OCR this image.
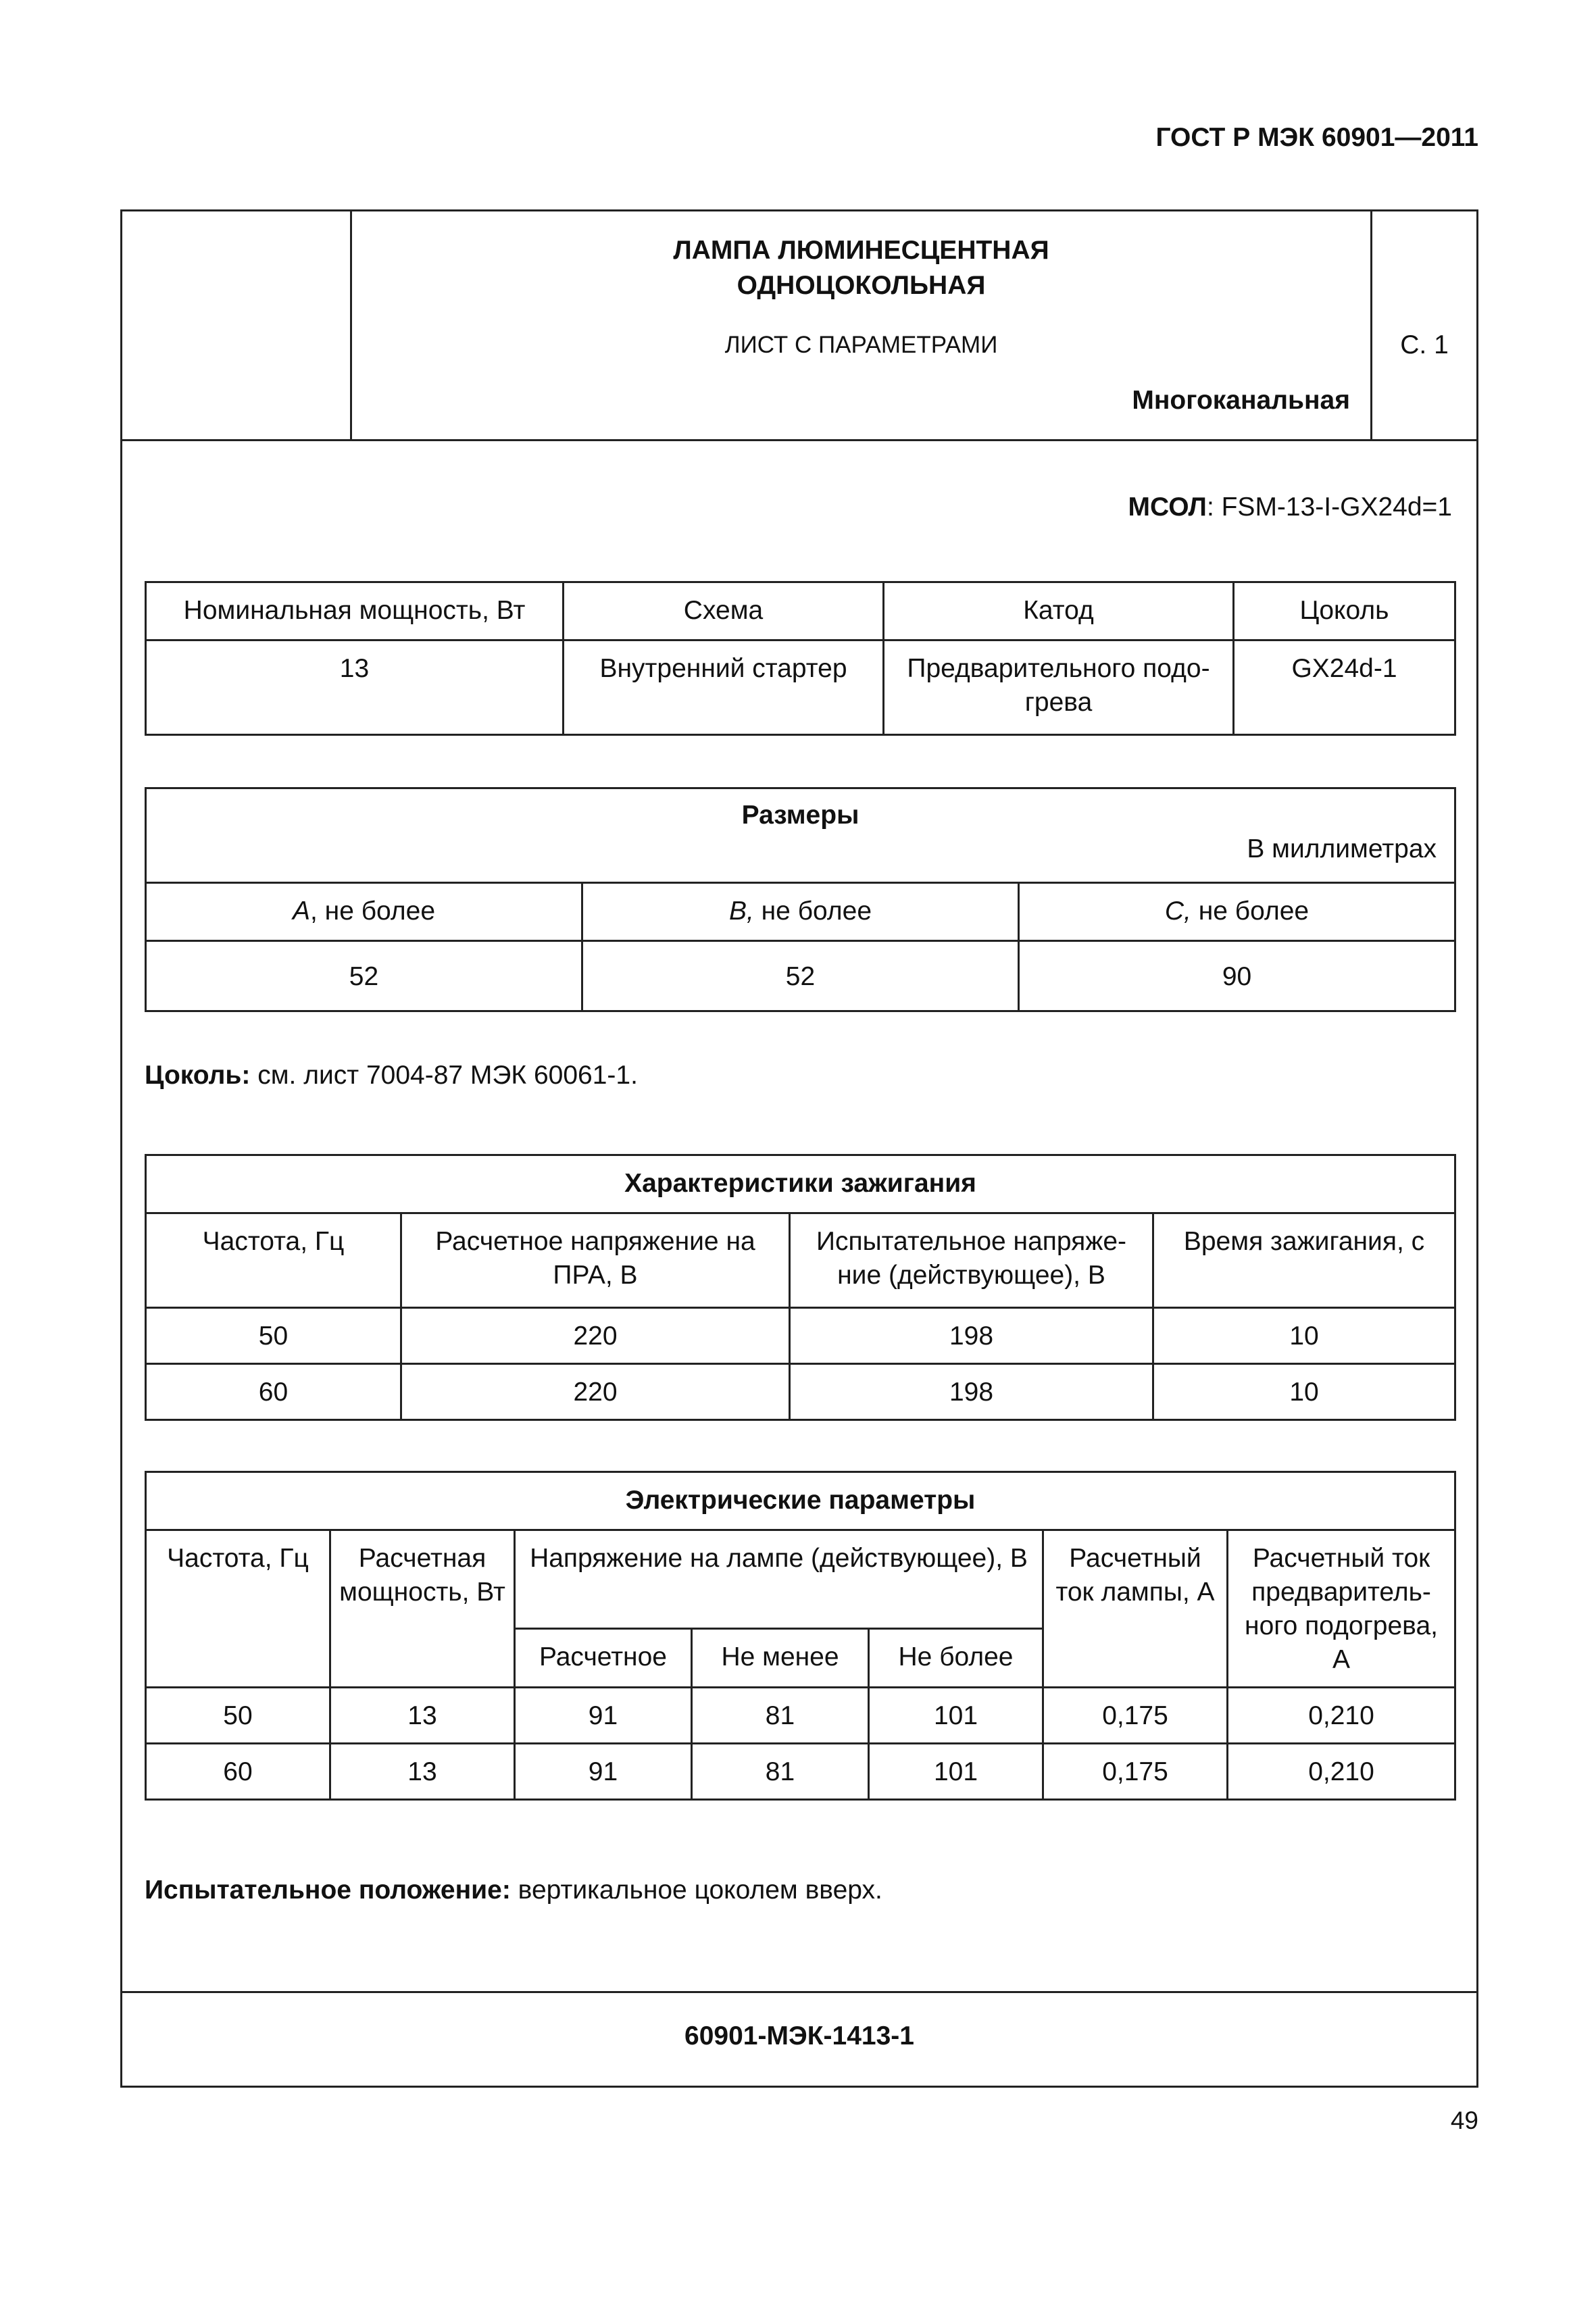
ГОСТ Р МЭК 60901—2011
ЛАМПА ЛЮМИНЕСЦЕНТНАЯ
ОДНОЦОКОЛЬНАЯ
ЛИСТ С ПАРАМЕТРАМИ
Многоканальная
С. 1
МСОЛ: FSM-13-I-GX24d=1
Номинальная мощность, Вт	Схема	Катод	Цоколь
13	Внутренний стартер	Предварительного подо-грева	GX24d-1
Размеры
В миллиметрах		

A, не более	B, не более	C, не более
52	52	90
Цоколь: см. лист 7004-87 МЭК 60061-1.
Характеристики зажигания			
Частота, Гц	Расчетное напряжение на ПРА, В	Испытательное напряже-ние (действующее), В	Время зажигания, с
50	220	198	10
60	220	198	10
Электрические параметры						
Частота, Гц	Расчетная мощность, Вт	Напряжение на лампе (действующее), В			Расчетный ток лампы, А	Расчетный ток предваритель-ного подогрева, А
		Расчетное	Не менее	Не более		
50	13	91	81	101	0,175	0,210
60	13	91	81	101	0,175	0,210
Испытательное положение: вертикальное цоколем вверх.
60901-МЭК-1413-1
49
